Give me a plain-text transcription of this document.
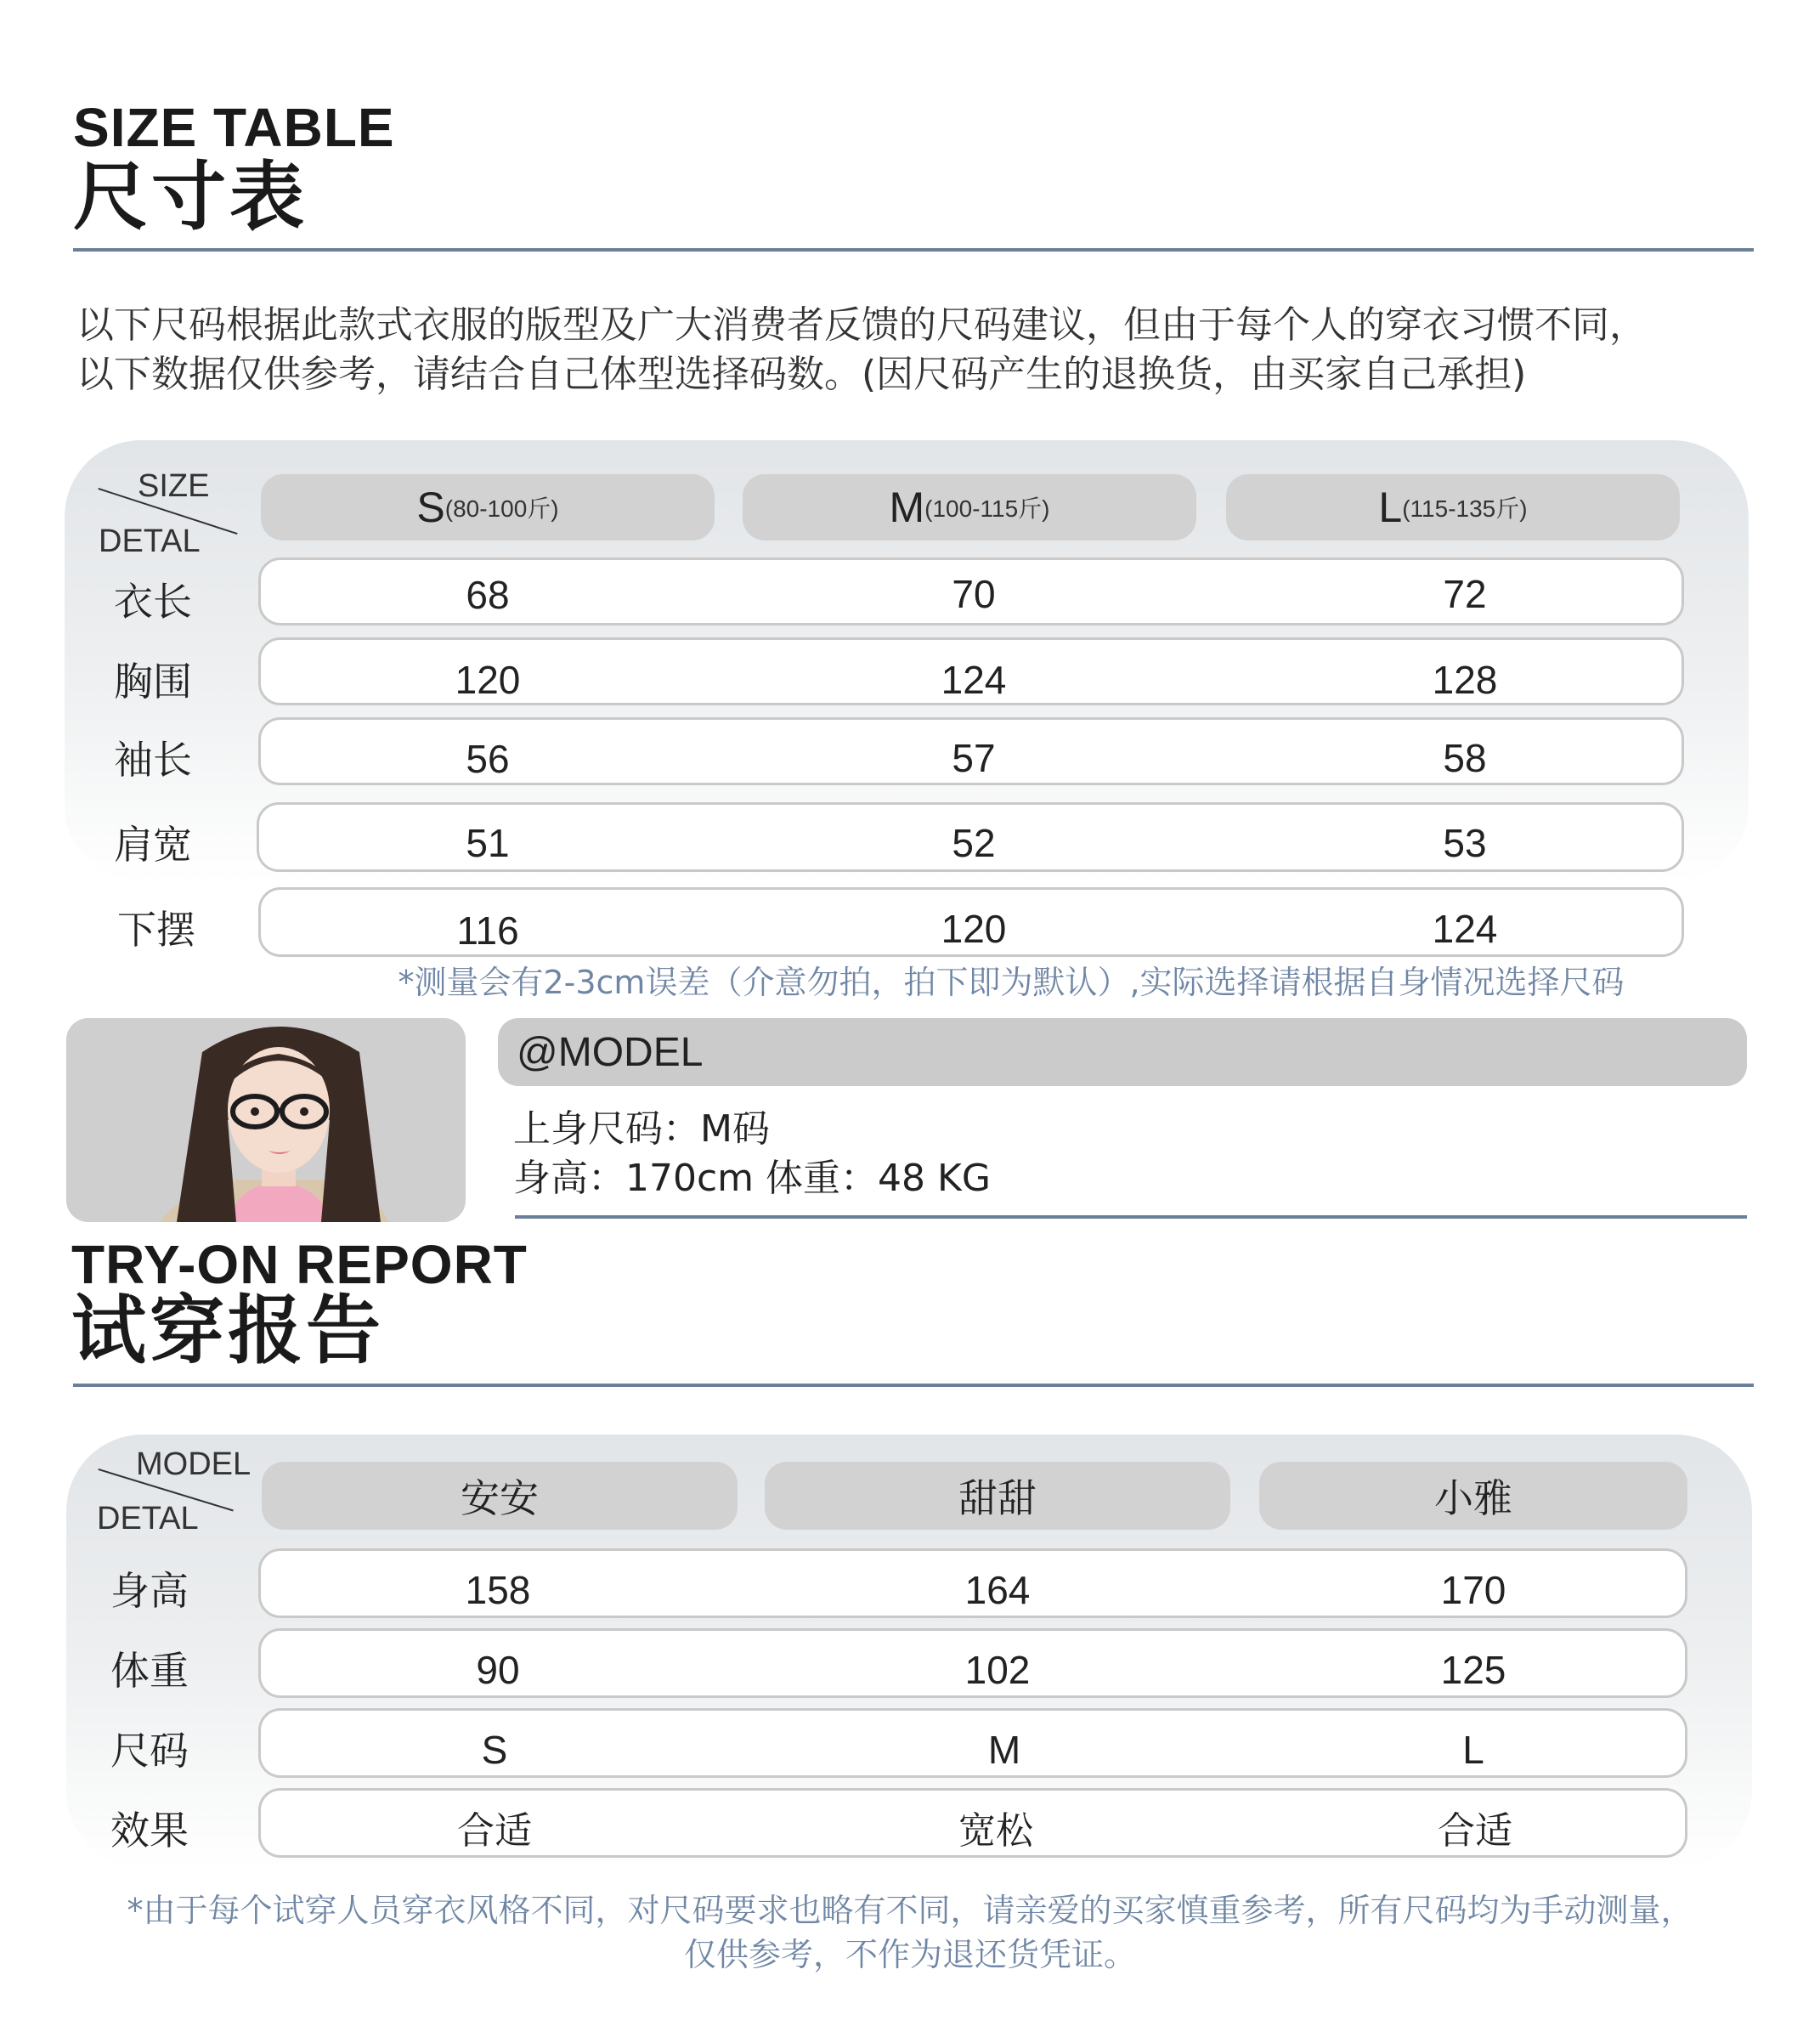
SIZE TABLE
尺寸表
以下尺码根据此款式衣服的版型及广大消费者反馈的尺码建议，但由于每个人的穿衣习惯不同，
以下数据仅供参考，请结合自己体型选择码数。(因尺码产生的退换货，由买家自己承担)
SIZE
DETAL
S (80-100斤)	M (100-115斤)	L (115-135斤)
衣长	68	70	72
胸围	120	124	128
袖长	56	57	58
肩宽	51	52	53
下摆	116	120	124
*测量会有2-3cm误差（介意勿拍，拍下即为默认）,实际选择请根据自身情况选择尺码
@MODEL
上身尺码：M码
身高：170cm 体重：48 KG
TRY-ON REPORT
试穿报告
MODEL
DETAL	安安	甜甜	小雅
身高	158	164	170
体重	90	102	125
尺码	S	M	L
效果	合适	宽松	合适
*由于每个试穿人员穿衣风格不同，对尺码要求也略有不同，请亲爱的买家慎重参考，所有尺码均为手动测量，
仅供参考，不作为退还货凭证。
